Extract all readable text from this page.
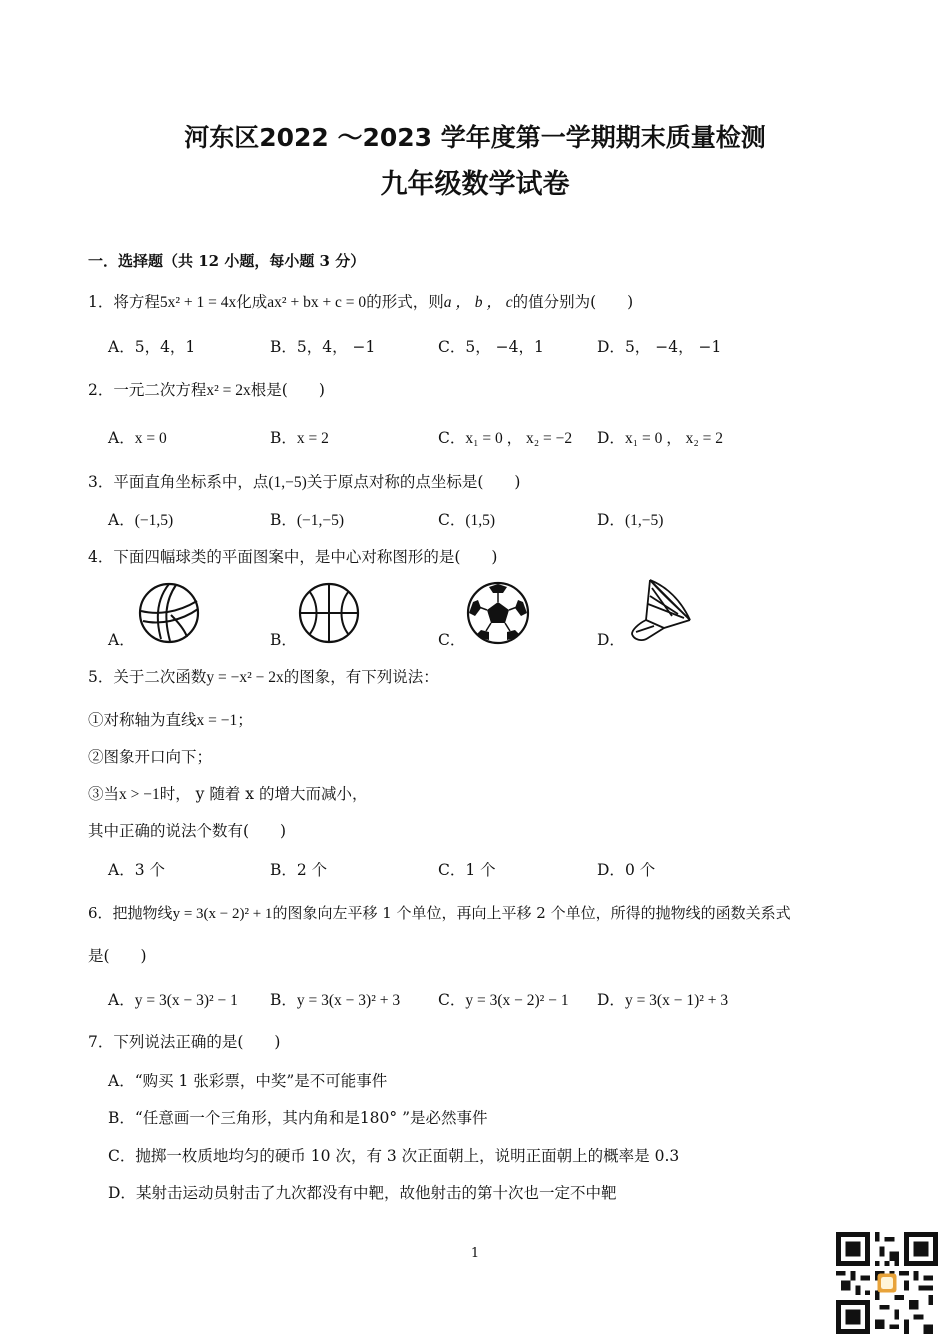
河东区2022 ～2023 学年度第一学期期末质量检测
九年级数学试卷
一．选择题（共 12 小题，每小题 3 分）
1．将方程5x² + 1 = 4x化成ax² + bx + c = 0的形式，则a ， b ， c的值分别为(　　)
A．5，4，1	B．5，4， −1	C．5， −4，1	D．5， −4， −1
2．一元二次方程x² = 2x根是(　　)
A．x = 0	B．x = 2	C．x₁ = 0 ， x₂ = −2 D．x₁ = 0 ， x₂ = 2
3．平面直角坐标系中，点(1,−5)关于原点对称的点坐标是(　　)
A．(−1,5)	B．(−1,−5)	C．(1,5)	D．(1,−5)
4．下面四幅球类的平面图案中，是中心对称图形的是(　　)
A．	B．	C．	D．
5．关于二次函数y = −x² − 2x的图象，有下列说法：
①对称轴为直线x = −1；
②图象开口向下；
③当x > −1时， y 随着 x 的增大而减小，
其中正确的说法个数有(　　)
A．3 个	B．2 个	C．1 个	D．0 个
6．把抛物线y = 3(x − 2)² + 1的图象向左平移 1 个单位，再向上平移 2 个单位，所得的抛物线的函数关系式
是(　　)
A．y = 3(x − 3)² − 1 B．y = 3(x − 3)² + 3 C．y = 3(x − 2)² − 1 D．y = 3(x − 1)² + 3
7．下列说法正确的是(　　)
A．“购买 1 张彩票，中奖”是不可能事件
B．“任意画一个三角形，其内角和是180° ”是必然事件
C．抛掷一枚质地均匀的硬币 10 次，有 3 次正面朝上，说明正面朝上的概率是 0.3
D．某射击运动员射击了九次都没有中靶，故他射击的第十次也一定不中靶
1
